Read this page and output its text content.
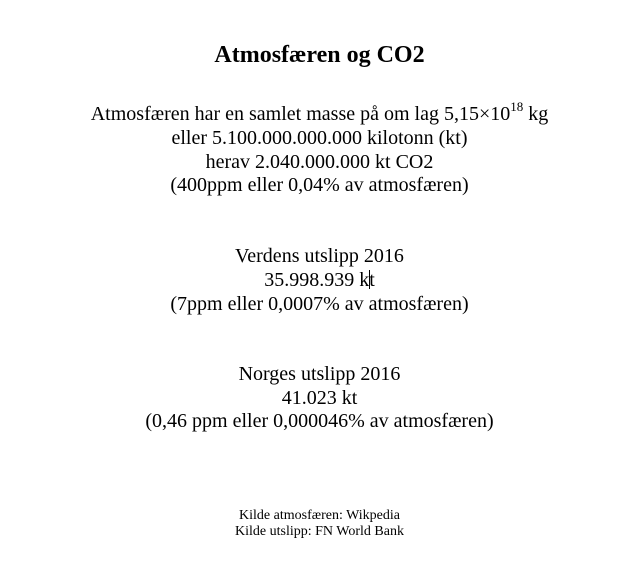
Atmosfæren og CO2
Atmosfæren har en samlet masse på om lag $5,15\times 10^{18}$ kg
eller 5.100.000.000.000 kilotonn (kt)
herav 2.040.000.000 kt CO2
(400ppm eller 0,04% av atmosfæren)
Verdens utslipp 2016
35.998.939 kt
(7ppm eller 0,0007% av atmosfæren)
Norges utslipp 2016
41.023 kt
(0,46 ppm eller 0,000046% av atmosfæren)
Kilde atmosfæren: Wikpedia
Kilde utslipp: FN World Bank
